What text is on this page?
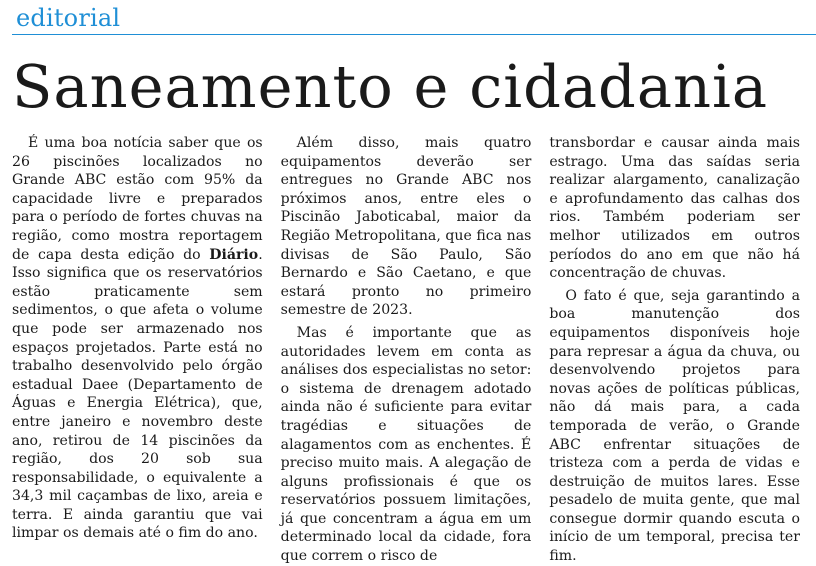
editorial
Saneamento e cidadania

É uma boa notícia saber que os 26 piscinões localizados no Grande ABC estão com 95% da capacidade livre e preparados para o período de fortes chuvas na região, como mostra reportagem de capa desta edição do Diário. Isso significa que os reservatórios estão praticamente sem sedimentos, o que afeta o volume que pode ser armazenado nos espaços projetados. Parte está no trabalho desenvolvido pelo órgão estadual Daee (Departamento de Águas e Energia Elétrica), que, entre janeiro e novembro deste ano, retirou de 14 piscinões da região, dos 20 sob sua responsabilidade, o equivalente a 34,3 mil caçambas de lixo, areia e terra. E ainda garantiu que vai limpar os demais até o fim do ano.

Além disso, mais quatro equipamentos deverão ser entregues no Grande ABC nos próximos anos, entre eles o Piscinão Jaboticabal, maior da Região Metropolitana, que fica nas divisas de São Paulo, São Bernardo e São Caetano, e que estará pronto no primeiro semestre de 2023.

Mas é importante que as autoridades levem em conta as análises dos especialistas no setor: o sistema de drenagem adotado ainda não é suficiente para evitar tragédias e situações de alagamentos com as enchentes. É preciso muito mais. A alegação de alguns profissionais é que os reservatórios possuem limitações, já que concentram a água em um determinado local da cidade, fora que correm o risco de

transbordar e causar ainda mais estrago. Uma das saídas seria realizar alargamento, canalização e aprofundamento das calhas dos rios. Também poderiam ser melhor utilizados em outros períodos do ano em que não há concentração de chuvas.

O fato é que, seja garantindo a boa manutenção dos equipamentos disponíveis hoje para represar a água da chuva, ou desenvolvendo projetos para novas ações de políticas públicas, não dá mais para, a cada temporada de verão, o Grande ABC enfrentar situações de tristeza com a perda de vidas e destruição de muitos lares. Esse pesadelo de muita gente, que mal consegue dormir quando escuta o início de um temporal, precisa ter fim.
